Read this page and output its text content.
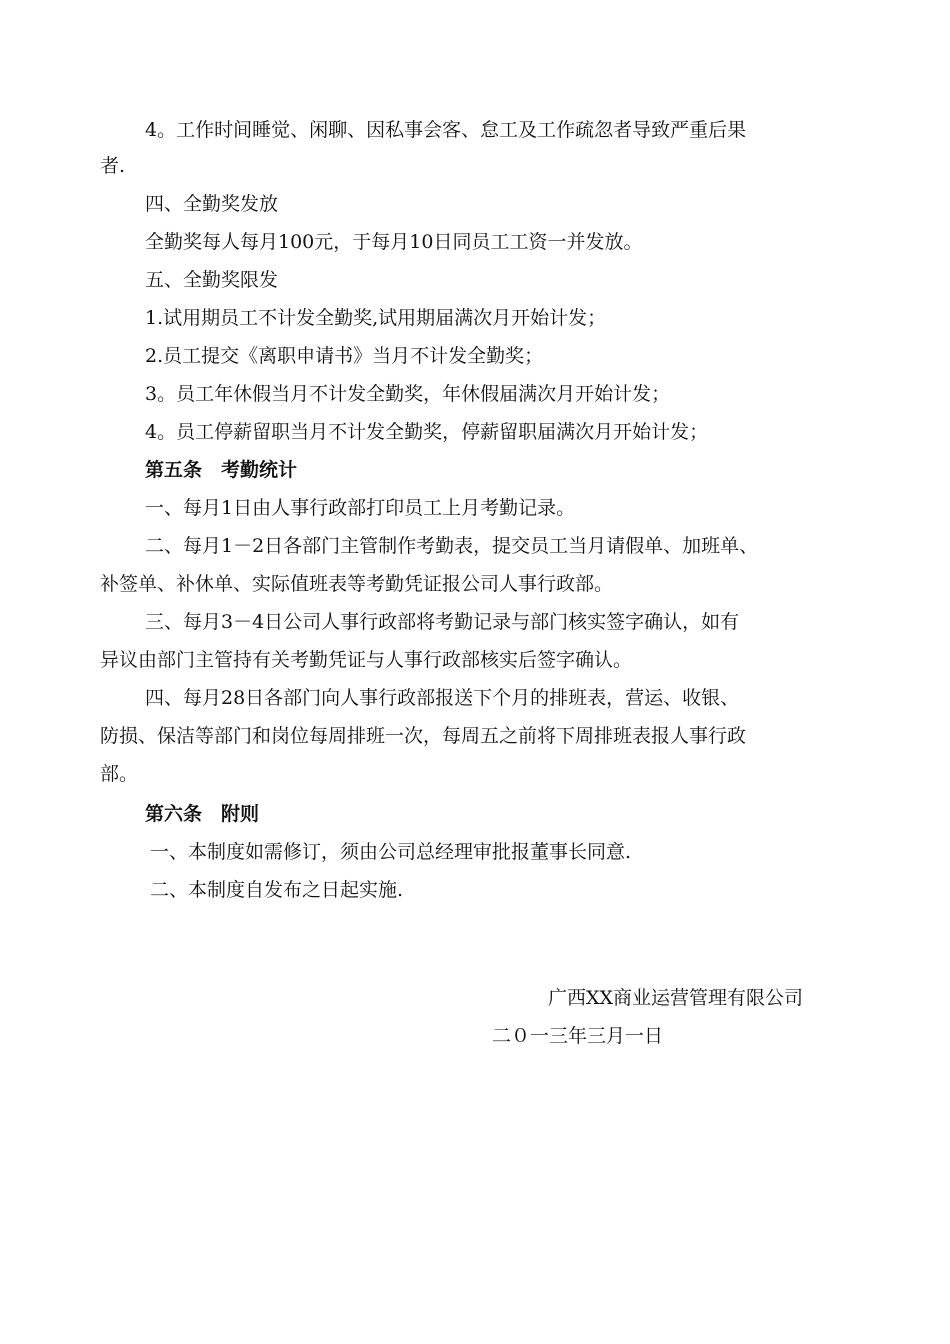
4。工作时间睡觉、闲聊、因私事会客、怠工及工作疏忽者导致严重后果
者.
四、全勤奖发放
全勤奖每人每月100元，于每月10日同员工工资一并发放。
五、全勤奖限发
1.试用期员工不计发全勤奖,试用期届满次月开始计发；
2.员工提交《离职申请书》当月不计发全勤奖；
3。员工年休假当月不计发全勤奖，年休假届满次月开始计发；
4。员工停薪留职当月不计发全勤奖，停薪留职届满次月开始计发；
第五条　考勤统计
一、每月1日由人事行政部打印员工上月考勤记录。
二、每月1－2日各部门主管制作考勤表，提交员工当月请假单、加班单、
补签单、补休单、实际值班表等考勤凭证报公司人事行政部。
三、每月3－4日公司人事行政部将考勤记录与部门核实签字确认，如有
异议由部门主管持有关考勤凭证与人事行政部核实后签字确认。
四、每月28日各部门向人事行政部报送下个月的排班表，营运、收银、
防损、保洁等部门和岗位每周排班一次，每周五之前将下周排班表报人事行政
部。
第六条　附则
一、本制度如需修订，须由公司总经理审批报董事长同意.
二、本制度自发布之日起实施.
广西XX商业运营管理有限公司
二０一三年三月一日
